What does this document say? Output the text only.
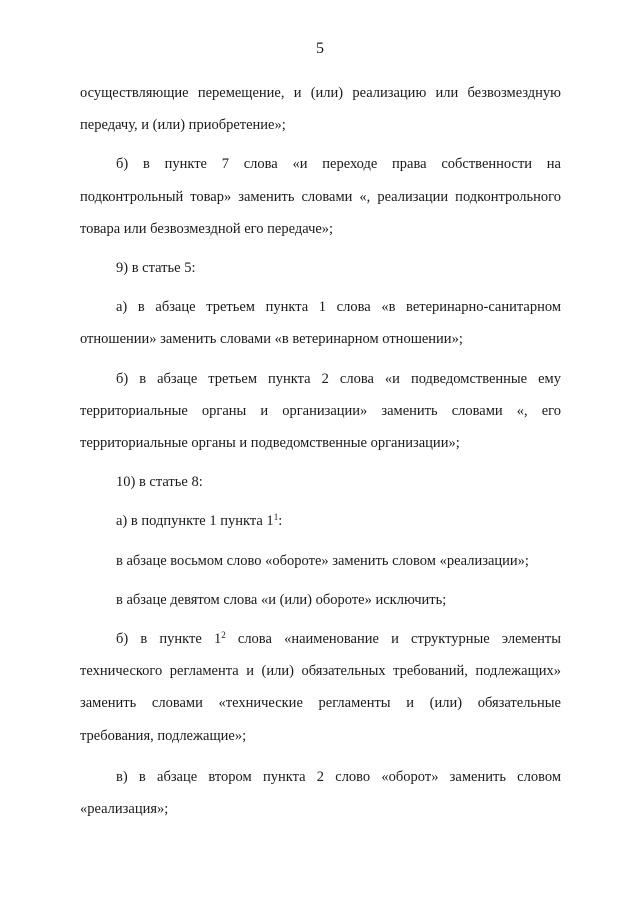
5

осуществляющие перемещение, и (или) реализацию или безвозмездную передачу, и (или) приобретение»;

б) в пункте 7 слова «и переходе права собственности на подконтрольный товар» заменить словами «, реализации подконтрольного товара или безвозмездной его передаче»;

9) в статье 5:

а) в абзаце третьем пункта 1 слова «в ветеринарно-санитарном отношении» заменить словами «в ветеринарном отношении»;

б) в абзаце третьем пункта 2 слова «и подведомственные ему территориальные органы и организации» заменить словами «, его территориальные органы и подведомственные организации»;

10) в статье 8:

а) в подпункте 1 пункта $1^1$:

в абзаце восьмом слово «обороте» заменить словом «реализации»;

в абзаце девятом слова «и (или) обороте» исключить;

б) в пункте $1^2$ слова «наименование и структурные элементы технического регламента и (или) обязательных требований, подлежащих» заменить словами «технические регламенты и (или) обязательные требования, подлежащие»;

в) в абзаце втором пункта 2 слово «оборот» заменить словом «реализация»;
